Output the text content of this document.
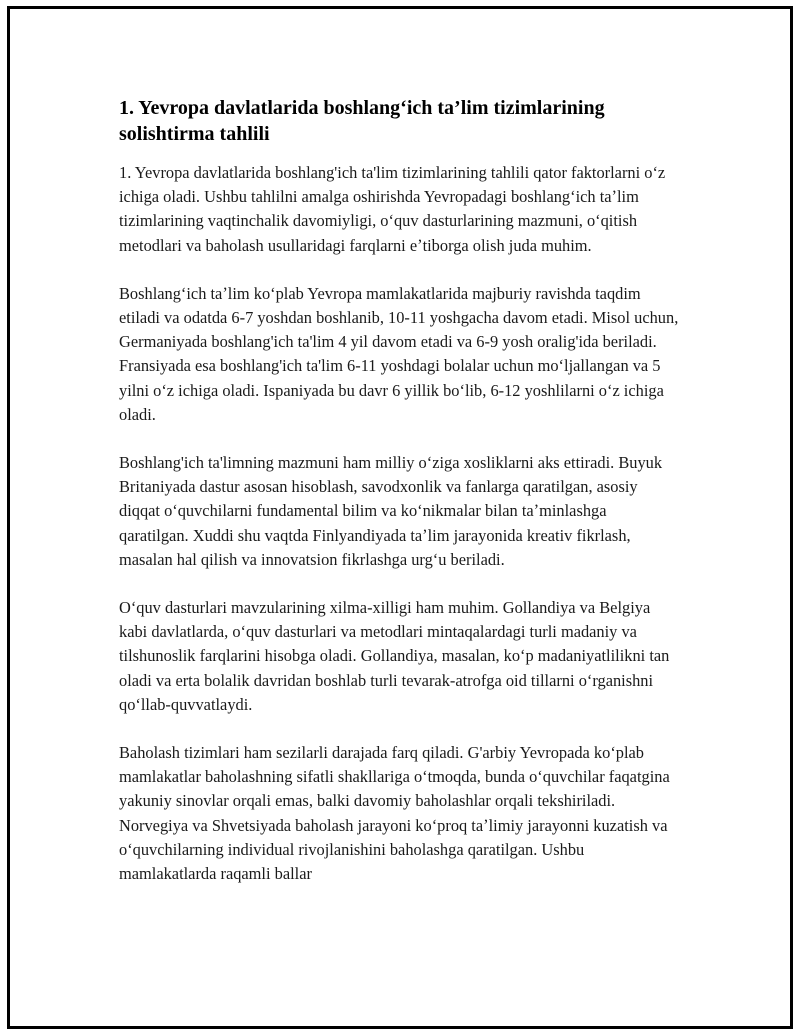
1. Yevropa davlatlarida boshlang‘ich ta’lim tizimlarining solishtirma tahlili

1. Yevropa davlatlarida boshlang'ich ta'lim tizimlarining tahlili qator faktorlarni oʻz ichiga oladi. Ushbu tahlilni amalga oshirishda Yevropadagi boshlangʻich taʼlim tizimlarining vaqtinchalik davomiyligi, oʻquv dasturlarining mazmuni, oʻqitish metodlari va baholash usullaridagi farqlarni eʼtiborga olish juda muhim.

Boshlangʻich taʼlim koʻplab Yevropa mamlakatlarida majburiy ravishda taqdim etiladi va odatda 6-7 yoshdan boshlanib, 10-11 yoshgacha davom etadi. Misol uchun, Germaniyada boshlang'ich ta'lim 4 yil davom etadi va 6-9 yosh oralig'ida beriladi. Fransiyada esa boshlang'ich ta'lim 6-11 yoshdagi bolalar uchun moʻljallangan va 5 yilni oʻz ichiga oladi. Ispaniyada bu davr 6 yillik boʻlib, 6-12 yoshlilarni oʻz ichiga oladi.

Boshlang'ich ta'limning mazmuni ham milliy oʻziga xosliklarni aks ettiradi. Buyuk Britaniyada dastur asosan hisoblash, savodxonlik va fanlarga qaratilgan, asosiy diqqat oʻquvchilarni fundamental bilim va koʻnikmalar bilan taʼminlashga qaratilgan. Xuddi shu vaqtda Finlyandiyada taʼlim jarayonida kreativ fikrlash, masalan hal qilish va innovatsion fikrlashga urgʻu beriladi.

Oʻquv dasturlari mavzularining xilma-xilligi ham muhim. Gollandiya va Belgiya kabi davlatlarda, oʻquv dasturlari va metodlari mintaqalardagi turli madaniy va tilshunoslik farqlarini hisobga oladi. Gollandiya, masalan, koʻp madaniyatlilikni tan oladi va erta bolalik davridan boshlab turli tevarak-atrofga oid tillarni oʻrganishni qoʻllab-quvvatlaydi.

Baholash tizimlari ham sezilarli darajada farq qiladi. G'arbiy Yevropada koʻplab mamlakatlar baholashning sifatli shakllariga oʻtmoqda, bunda oʻquvchilar faqatgina yakuniy sinovlar orqali emas, balki davomiy baholashlar orqali tekshiriladi. Norvegiya va Shvetsiyada baholash jarayoni koʻproq taʼlimiy jarayonni kuzatish va oʻquvchilarning individual rivojlanishini baholashga qaratilgan. Ushbu mamlakatlarda raqamli ballar
